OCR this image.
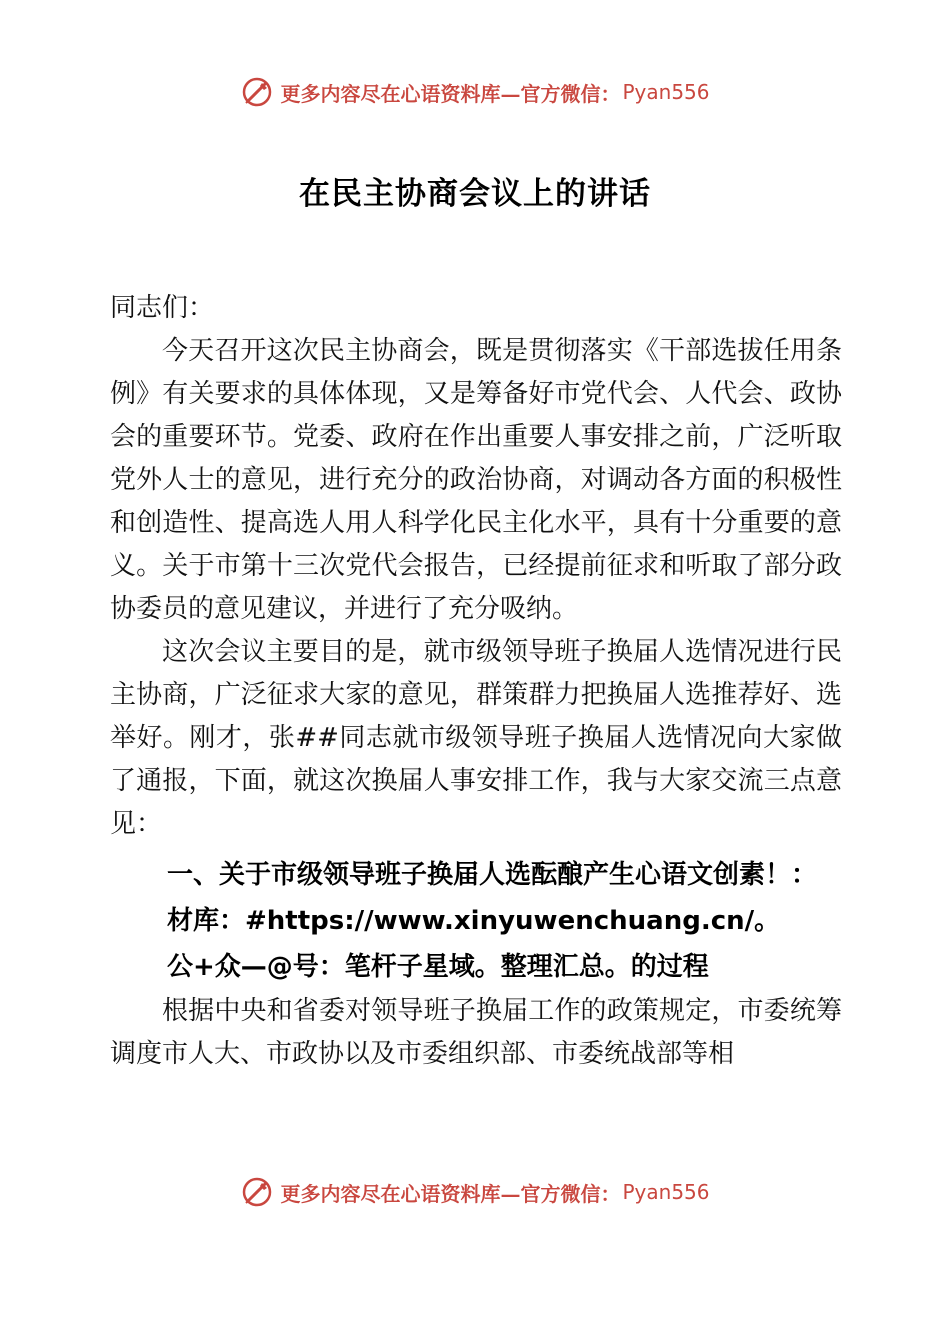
更多内容尽在心语资料库—官方微信： Pyan556
在民主协商会议上的讲话

同志们：

今天召开这次民主协商会，既是贯彻落实《干部选拔任用条例》有关要求的具体体现，又是筹备好市党代会、人代会、政协会的重要环节。党委、政府在作出重要人事安排之前，广泛听取党外人士的意见，进行充分的政治协商，对调动各方面的积极性和创造性、提高选人用人科学化民主化水平，具有十分重要的意义。关于市第十三次党代会报告，已经提前征求和听取了部分政协委员的意见建议，并进行了充分吸纳。

这次会议主要目的是，就市级领导班子换届人选情况进行民主协商，广泛征求大家的意见，群策群力把换届人选推荐好、选举好。刚才，张##同志就市级领导班子换届人选情况向大家做了通报，下面，就这次换届人事安排工作，我与大家交流三点意见：

一、关于市级领导班子换届人选酝酿产生心语文创素！：
材库：#https://www.xinyuwenchuang.cn/。
公+众—@号：笔杆子星域。整理汇总。的过程

根据中央和省委对领导班子换届工作的政策规定，市委统筹调度市人大、市政协以及市委组织部、市委统战部等相

更多内容尽在心语资料库—官方微信： Pyan556
